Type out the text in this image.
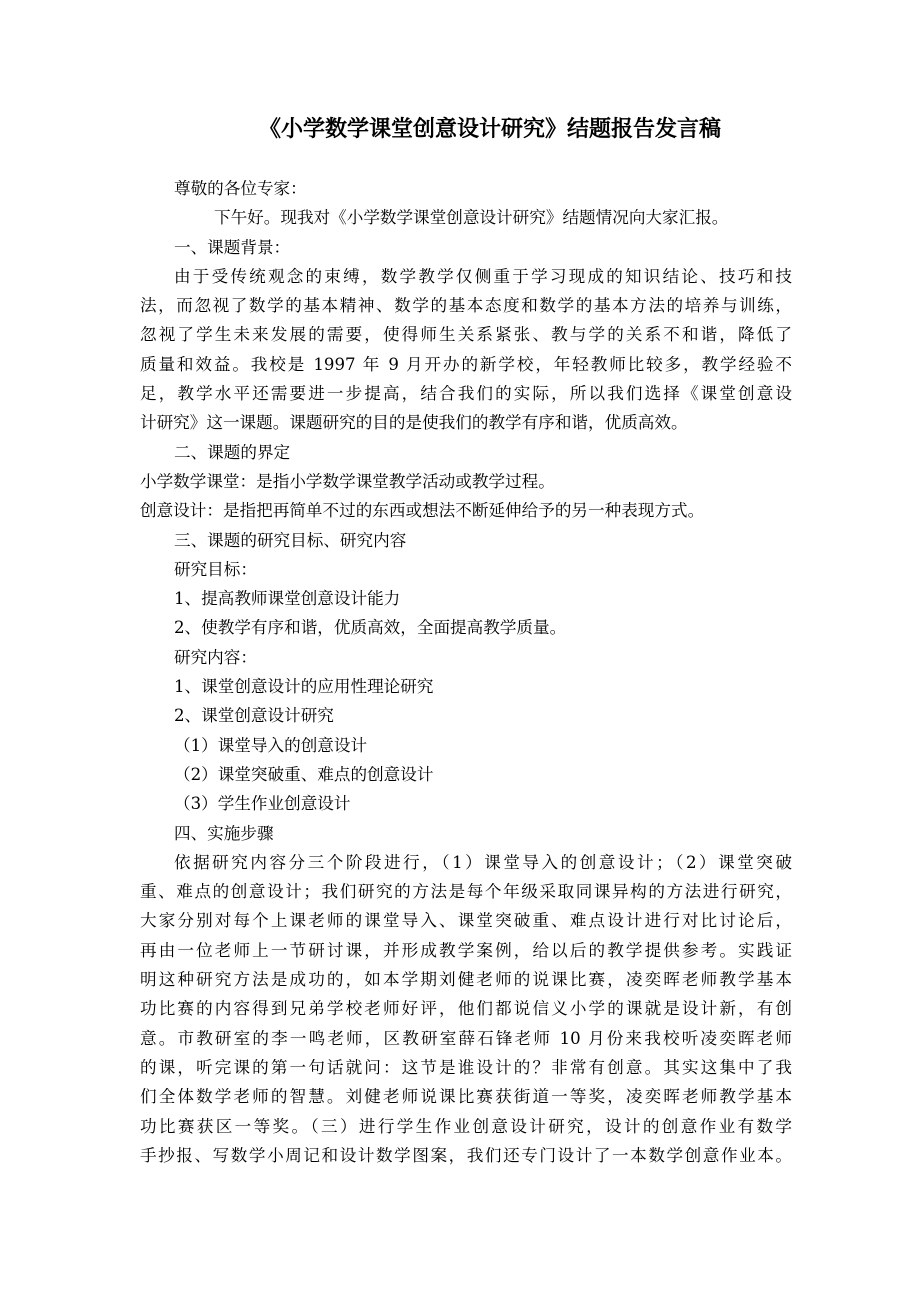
《小学数学课堂创意设计研究》结题报告发言稿
尊敬的各位专家：
下午好。现我对《小学数学课堂创意设计研究》结题情况向大家汇报。
一、课题背景：
由于受传统观念的束缚，数学教学仅侧重于学习现成的知识结论、技巧和技
法，而忽视了数学的基本精神、数学的基本态度和数学的基本方法的培养与训练，
忽视了学生未来发展的需要，使得师生关系紧张、教与学的关系不和谐，降低了
质量和效益。我校是 1997 年 9 月开办的新学校，年轻教师比较多，教学经验不
足，教学水平还需要进一步提高，结合我们的实际，所以我们选择《课堂创意设
计研究》这一课题。课题研究的目的是使我们的教学有序和谐，优质高效。
二、课题的界定
小学数学课堂：是指小学数学课堂教学活动或教学过程。
创意设计：是指把再简单不过的东西或想法不断延伸给予的另一种表现方式。
三、课题的研究目标、研究内容
研究目标：
1、提高教师课堂创意设计能力
2、使教学有序和谐，优质高效，全面提高教学质量。
研究内容：
1、课堂创意设计的应用性理论研究
2、课堂创意设计研究
（1）课堂导入的创意设计
（2）课堂突破重、难点的创意设计
（3）学生作业创意设计
四、实施步骤
依据研究内容分三个阶段进行，（1）课堂导入的创意设计；（2）课堂突破
重、难点的创意设计；我们研究的方法是每个年级采取同课异构的方法进行研究，
大家分别对每个上课老师的课堂导入、课堂突破重、难点设计进行对比讨论后，
再由一位老师上一节研讨课，并形成教学案例，给以后的教学提供参考。实践证
明这种研究方法是成功的，如本学期刘健老师的说课比赛，凌奕晖老师教学基本
功比赛的内容得到兄弟学校老师好评，他们都说信义小学的课就是设计新，有创
意。市教研室的李一鸣老师，区教研室薛石锋老师 10 月份来我校听凌奕晖老师
的课，听完课的第一句话就问：这节是谁设计的？非常有创意。其实这集中了我
们全体数学老师的智慧。刘健老师说课比赛获街道一等奖，凌奕晖老师教学基本
功比赛获区一等奖。（三）进行学生作业创意设计研究，设计的创意作业有数学
手抄报、写数学小周记和设计数学图案，我们还专门设计了一本数学创意作业本。
